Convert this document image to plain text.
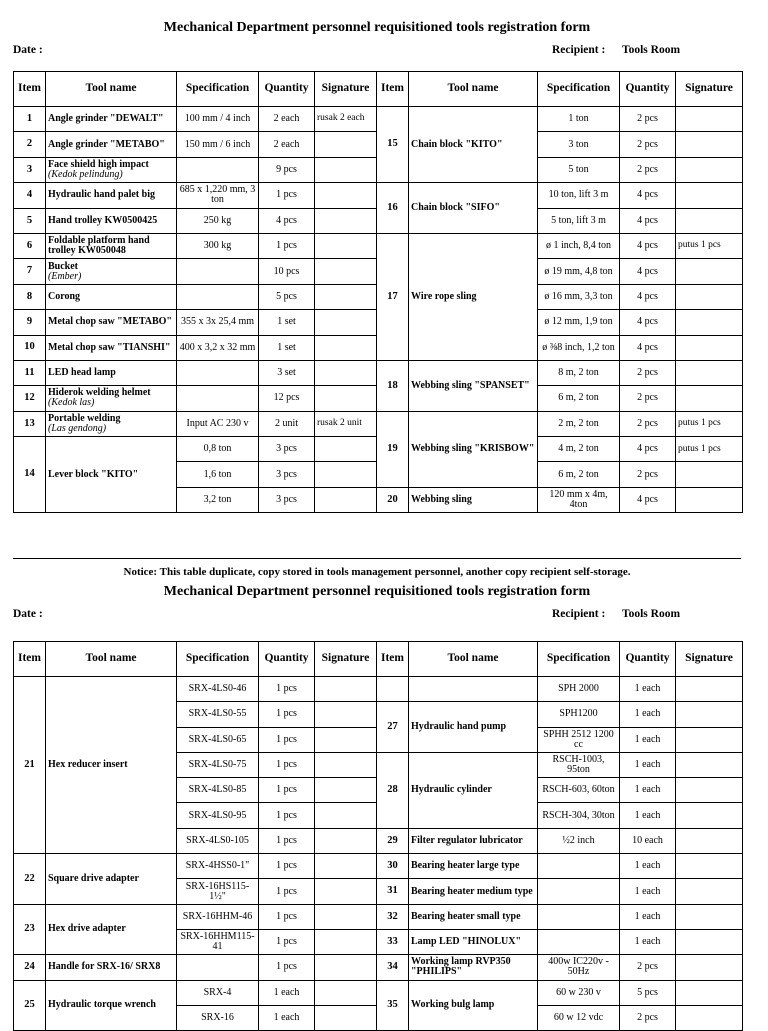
Mechanical Department personnel requisitioned tools registration form
Date :	Recipient : Tools Room
Item	Tool name	Specification	Quantity	Signature	Item	Tool name	Specification	Quantity	Signature
1	Angle grinder "DEWALT"	100 mm / 4 inch	2 each	rusak 2 each	15	Chain block "KITO"	1 ton	2 pcs	
2	Angle grinder "METABO"	150 mm / 6 inch	2 each				3 ton	2 pcs	
3	Face shield high impact
(Kedok pelindung)		9 pcs				5 ton	2 pcs	
4	Hydraulic hand palet big	685 x 1,220 mm, 3 ton	1 pcs		16	Chain block "SIFO"	10 ton, lift 3 m	4 pcs	
5	Hand trolley KW0500425	250 kg	4 pcs				5 ton, lift 3 m	4 pcs	
6	Foldable platform hand trolley KW050048	300 kg	1 pcs		17	Wire rope sling	ø 1 inch, 8,4 ton	4 pcs	putus 1 pcs
7	Bucket
(Ember)		10 pcs				ø 19 mm, 4,8 ton	4 pcs	
8	Corong		5 pcs				ø 16 mm, 3,3 ton	4 pcs	
9	Metal chop saw "METABO"	355 x 3x 25,4 mm	1 set				ø 12 mm, 1,9 ton	4 pcs	
10	Metal chop saw "TIANSHI"	400 x 3,2 x 32 mm	1 set				ø ⅜8 inch, 1,2 ton	4 pcs	
11	LED head lamp		3 set		18	Webbing sling "SPANSET"	8 m, 2 ton	2 pcs	
12	Hiderok welding helmet
(Kedok las)		12 pcs				6 m, 2 ton	2 pcs	
13	Portable welding
(Las gendong)	Input AC 230 v	2 unit	rusak 2 unit	19	Webbing sling "KRISBOW"	2 m, 2 ton	2 pcs	putus 1 pcs
14	Lever block "KITO"	0,8 ton	3 pcs				4 m, 2 ton	4 pcs	putus 1 pcs
		1,6 ton	3 pcs				6 m, 2 ton	2 pcs	
		3,2 ton	3 pcs		20	Webbing sling	120 mm x 4m, 4ton	4 pcs	
Notice: This table duplicate, copy stored in tools management personnel, another copy recipient self-storage.
Mechanical Department personnel requisitioned tools registration form
Date :	Recipient : Tools Room
Item	Tool name	Specification	Quantity	Signature	Item	Tool name	Specification	Quantity	Signature
21	Hex reducer insert	SRX-4LS0-46	1 pcs				SPH 2000	1 each	
		SRX-4LS0-55	1 pcs		27	Hydraulic hand pump	SPH1200	1 each	
		SRX-4LS0-65	1 pcs				SPHH 2512 1200 cc	1 each	
		SRX-4LS0-75	1 pcs		28	Hydraulic cylinder	RSCH-1003, 95ton	1 each	
		SRX-4LS0-85	1 pcs				RSCH-603, 60ton	1 each	
		SRX-4LS0-95	1 pcs				RSCH-304, 30ton	1 each	
		SRX-4LS0-105	1 pcs		29	Filter regulator lubricator	½2 inch	10 each	
22	Square drive adapter	SRX-4HSS0-1"	1 pcs		30	Bearing heater large type		1 each	
		SRX-16HS115-1½"	1 pcs		31	Bearing heater medium type		1 each	
23	Hex drive adapter	SRX-16HHM-46	1 pcs		32	Bearing heater small type		1 each	
		SRX-16HHM115-41	1 pcs		33	Lamp LED "HINOLUX"		1 each	
24	Handle for SRX-16/ SRX8		1 pcs		34	Working lamp RVP350 "PHILIPS"	400w IC220v - 50Hz	2 pcs	
25	Hydraulic torque wrench	SRX-4	1 each		35	Working bulg lamp	60 w 230 v	5 pcs	
		SRX-16	1 each				60 w 12 vdc	2 pcs	
